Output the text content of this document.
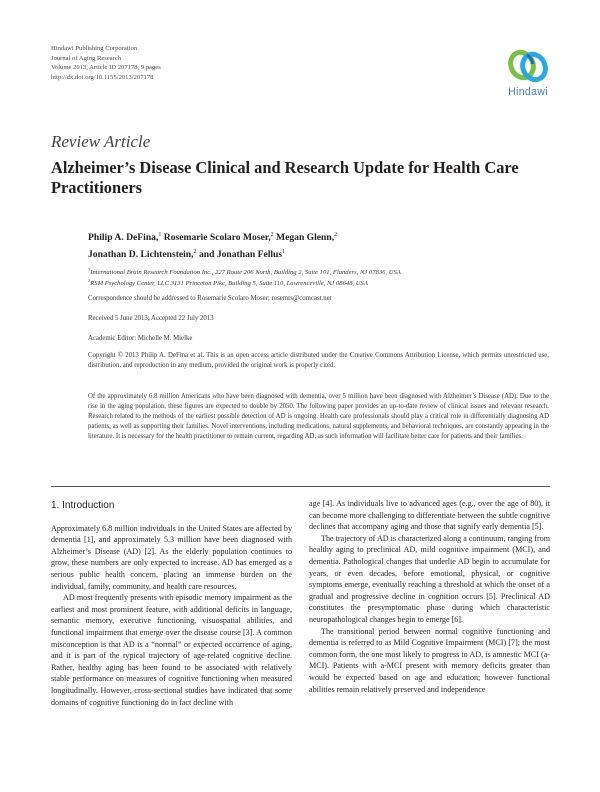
Hindawi Publishing Corporation
Journal of Aging Research
Volume 2013, Article ID 207178, 9 pages
http://dx.doi.org/10.1155/2013/207178
Hindawi
Review Article
Alzheimer’s Disease Clinical and Research Update for Health Care Practitioners
Philip A. DeFina,$^1$ Rosemarie Scolaro Moser,$^2$ Megan Glenn,$^2$
Jonathan D. Lichtenstein,$^2$ and Jonathan Fellus$^1$
$^1$International Brain Research Foundation Inc., 227 Route 206 North, Building 2, Suite 101, Flanders, NJ 07836, USA
$^2$RSM Psychology Center, LLC 3131 Princeton Pike, Building 5, Suite 110, Lawrenceville, NJ 08648, USA
Correspondence should be addressed to Rosemarie Scolaro Moser; rosemrs@comcast.net
Received 5 June 2013; Accepted 22 July 2013
Academic Editor: Michelle M. Mielke
Copyright © 2013 Philip A. DeFina et al. This is an open access article distributed under the Creative Commons Attribution License, which permits unrestricted use, distribution, and reproduction in any medium, provided the original work is properly cited.
Of the approximately 6.8 million Americans who have been diagnosed with dementia, over 5 million have been diagnosed with Alzheimer’s Disease (AD). Due to the rise in the aging population, these figures are expected to double by 2050. The following paper provides an up-to-date review of clinical issues and relevant research. Research related to the methods of the earliest possible detection of AD is ongoing. Health care professionals should play a critical role in differentially diagnosing AD patients, as well as supporting their families. Novel interventions, including medications, natural supplements, and behavioral techniques, are constantly appearing in the literature. It is necessary for the health practitioner to remain current, regarding AD, as such information will facilitate better care for patients and their families.
1. Introduction

Approximately 6.8 million individuals in the United States are affected by dementia [1], and approximately 5.3 million have been diagnosed with Alzheimer’s Disease (AD) [2]. As the elderly population continues to grow, these numbers are only expected to increase. AD has emerged as a serious public health concern, placing an immense burden on the individual, family, community, and health care resources.

AD most frequently presents with episodic memory impairment as the earliest and most prominent feature, with additional deficits in language, semantic memory, executive functioning, visuospatial abilities, and functional impairment that emerge over the disease course [3]. A common misconception is that AD is a “normal” or expected occurrence of aging, and it is part of the typical trajectory of age-related cognitive decline. Rather, healthy aging has been found to be associated with relatively stable performance on measures of cognitive functioning when measured longitudinally. However, cross-sectional studies have indicated that some domains of cognitive functioning do in fact decline with

age [4]. As individuals live to advanced ages (e.g., over the age of 80), it can become more challenging to differentiate between the subtle cognitive declines that accompany aging and those that signify early dementia [5].

The trajectory of AD is characterized along a continuum, ranging from healthy aging to preclinical AD, mild cognitive impairment (MCI), and dementia. Pathological changes that underlie AD begin to accumulate for years, or even decades, before emotional, physical, or cognitive symptoms emerge, eventually reaching a threshold at which the onset of a gradual and progressive decline in cognition occurs [5]. Preclinical AD constitutes the presymptomatic phase during which characteristic neuropathological changes begin to emerge [6].

The transitional period between normal cognitive functioning and dementia is referred to as Mild Cognitive Impairment (MCI) [7]; the most common form, the one most likely to progress to AD, is amnestic MCI (a-MCI). Patients with a-MCI present with memory deficits greater than would be expected based on age and education; however functional abilities remain relatively preserved and independence
